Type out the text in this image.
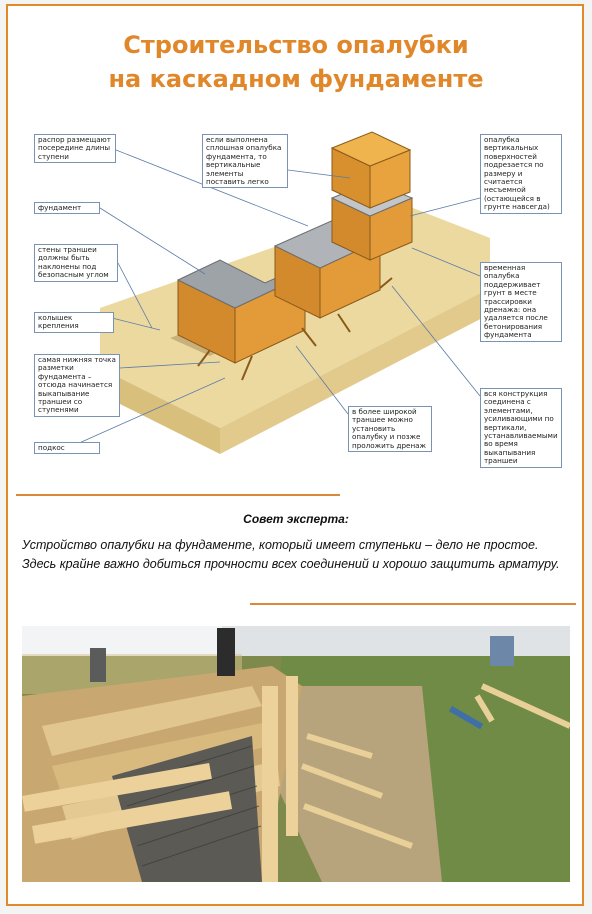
Строительство опалубки
на каскадном фундаменте
распор размещают посередине длины ступени
фундамент
стены траншеи должны быть наклонены под безопасным углом
колышек крепления
самая нижняя точка разметки фундамента – отсюда начинается выкапывание траншеи со ступенями
подкос
если выполнена сплошная опалубка фундамента, то вертикальные элементы поставить легко
опалубка вертикальных поверхностей подрезается по размеру и считается несъемной (остающейся в грунте навсегда)
временная опалубка поддерживает грунт в месте трассировки дренажа: она удаляется после бетонирования фундамента
вся конструкция соединена с элементами, усиливающими по вертикали, устанавливаемыми во время выкапывания траншеи
в более широкой траншее можно установить опалубку и позже проложить дренаж
Совет эксперта:
Устройство опалубки на фундаменте, который имеет ступеньки – дело не простое. Здесь крайне важно добиться прочности всех соединений и хорошо защитить арматуру.
